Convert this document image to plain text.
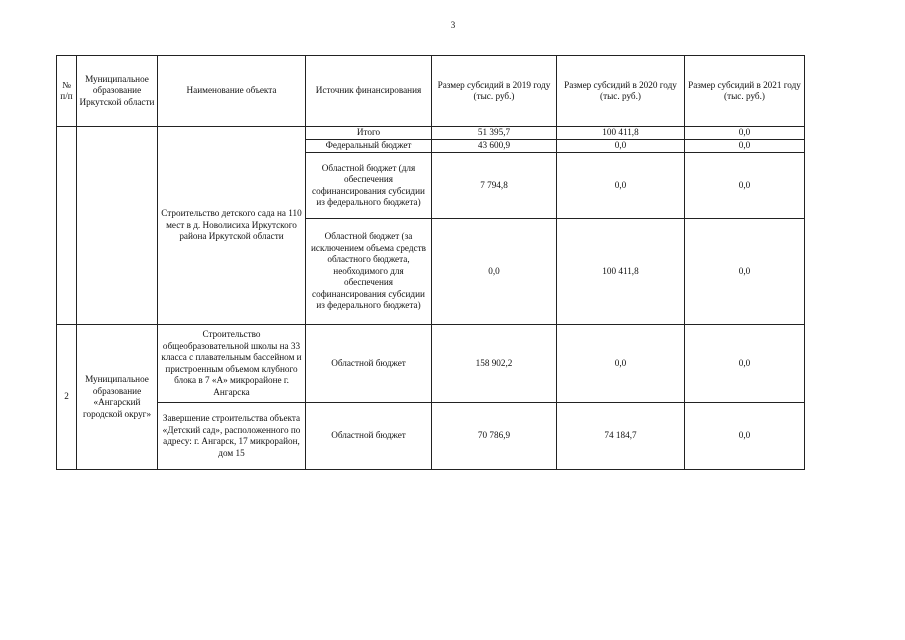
3
№ п/п	Муниципальное образование Иркутской области	Наименование объекта	Источник финансирования	Размер субсидий в 2019 году (тыс. руб.)	Размер субсидий в 2020 году (тыс. руб.)	Размер субсидий в 2021 году (тыс. руб.)
		Строительство детского сада на 110 мест в д. Новолисиха Иркутского района Иркутской области	Итого	51 395,7	100 411,8	0,0
			Федеральный бюджет	43 600,9	0,0	0,0
			Областной бюджет (для обеспечения софинансирования субсидии из федерального бюджета)	7 794,8	0,0	0,0
			Областной бюджет (за исключением объема средств областного бюджета, необходимого для обеспечения софинансирования субсидии из федерального бюджета)	0,0	100 411,8	0,0
2	Муниципальное образование «Ангарский городской округ»	Строительство общеобразовательной школы на 33 класса с плавательным бассейном и пристроенным объемом клубного блока в 7 «А» микрорайоне г. Ангарска	Областной бюджет	158 902,2	0,0	0,0
		Завершение строительства объекта «Детский сад», расположенного по адресу: г. Ангарск, 17 микрорайон, дом 15	Областной бюджет	70 786,9	74 184,7	0,0
